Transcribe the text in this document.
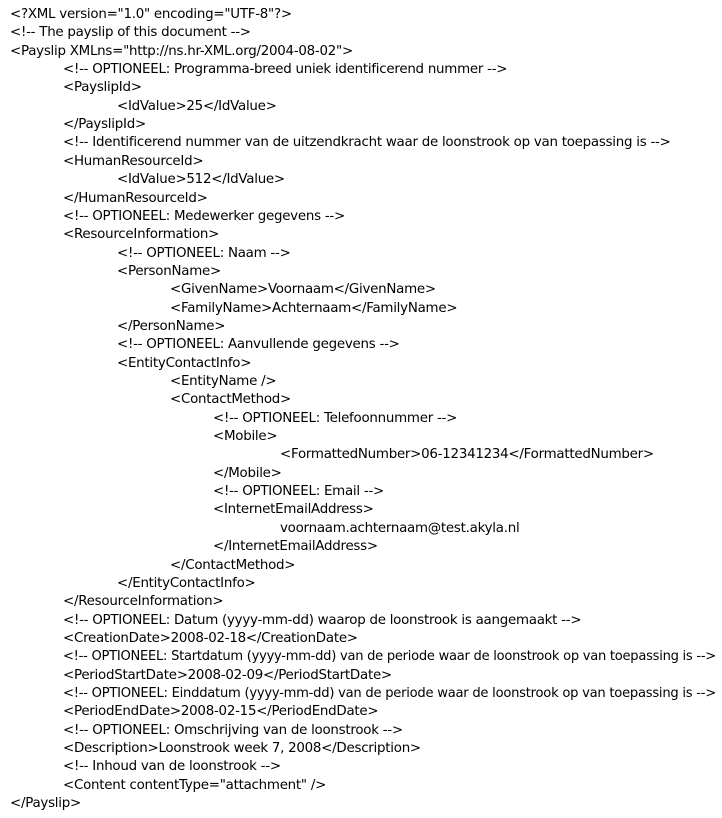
<?XML version="1.0" encoding="UTF-8"?>
<!-- The payslip of this document -->
<Payslip XMLns="http://ns.hr-XML.org/2004-08-02">
<!-- OPTIONEEL: Programma-breed uniek identificerend nummer -->
<PayslipId>
<IdValue>25</IdValue>
</PayslipId>
<!-- Identificerend nummer van de uitzendkracht waar de loonstrook op van toepassing is -->
<HumanResourceId>
<IdValue>512</IdValue>
</HumanResourceId>
<!-- OPTIONEEL: Medewerker gegevens -->
<ResourceInformation>
<!-- OPTIONEEL: Naam -->
<PersonName>
<GivenName>Voornaam</GivenName>
<FamilyName>Achternaam</FamilyName>
</PersonName>
<!-- OPTIONEEL: Aanvullende gegevens -->
<EntityContactInfo>
<EntityName />
<ContactMethod>
<!-- OPTIONEEL: Telefoonnummer -->
<Mobile>
<FormattedNumber>06-12341234</FormattedNumber>
</Mobile>
<!-- OPTIONEEL: Email -->
<InternetEmailAddress>
voornaam.achternaam@test.akyla.nl
</InternetEmailAddress>
</ContactMethod>
</EntityContactInfo>
</ResourceInformation>
<!-- OPTIONEEL: Datum (yyyy-mm-dd) waarop de loonstrook is aangemaakt -->
<CreationDate>2008-02-18</CreationDate>
<!-- OPTIONEEL: Startdatum (yyyy-mm-dd) van de periode waar de loonstrook op van toepassing is -->
<PeriodStartDate>2008-02-09</PeriodStartDate>
<!-- OPTIONEEL: Einddatum (yyyy-mm-dd) van de periode waar de loonstrook op van toepassing is -->
<PeriodEndDate>2008-02-15</PeriodEndDate>
<!-- OPTIONEEL: Omschrijving van de loonstrook -->
<Description>Loonstrook week 7, 2008</Description>
<!-- Inhoud van de loonstrook -->
<Content contentType="attachment" />
</Payslip>
